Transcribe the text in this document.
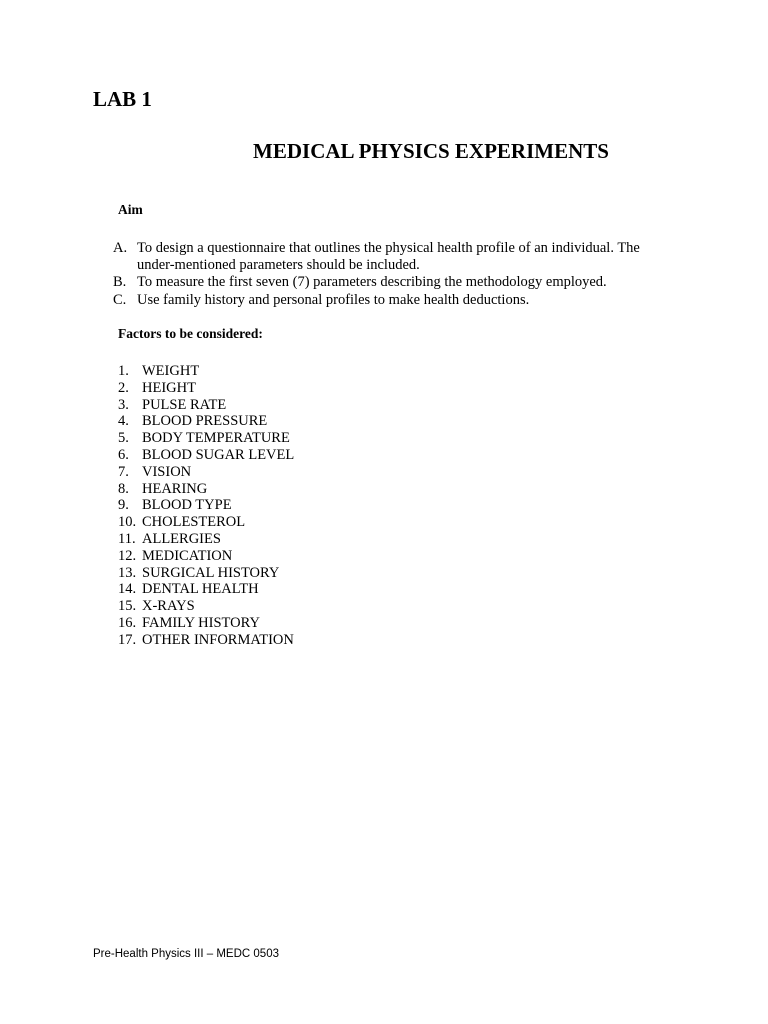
LAB 1
MEDICAL PHYSICS EXPERIMENTS
Aim
A. To design a questionnaire that outlines the physical health profile of an individual. The under-mentioned parameters should be included.
B. To measure the first seven (7) parameters describing the methodology employed.
C. Use family history and personal profiles to make health deductions.
Factors to be considered:
1. WEIGHT
2. HEIGHT
3. PULSE RATE
4. BLOOD PRESSURE
5. BODY TEMPERATURE
6. BLOOD SUGAR LEVEL
7. VISION
8. HEARING
9. BLOOD TYPE
10. CHOLESTEROL
11. ALLERGIES
12. MEDICATION
13. SURGICAL HISTORY
14. DENTAL HEALTH
15. X-RAYS
16. FAMILY HISTORY
17. OTHER INFORMATION

Pre-Health Physics III – MEDC 0503
